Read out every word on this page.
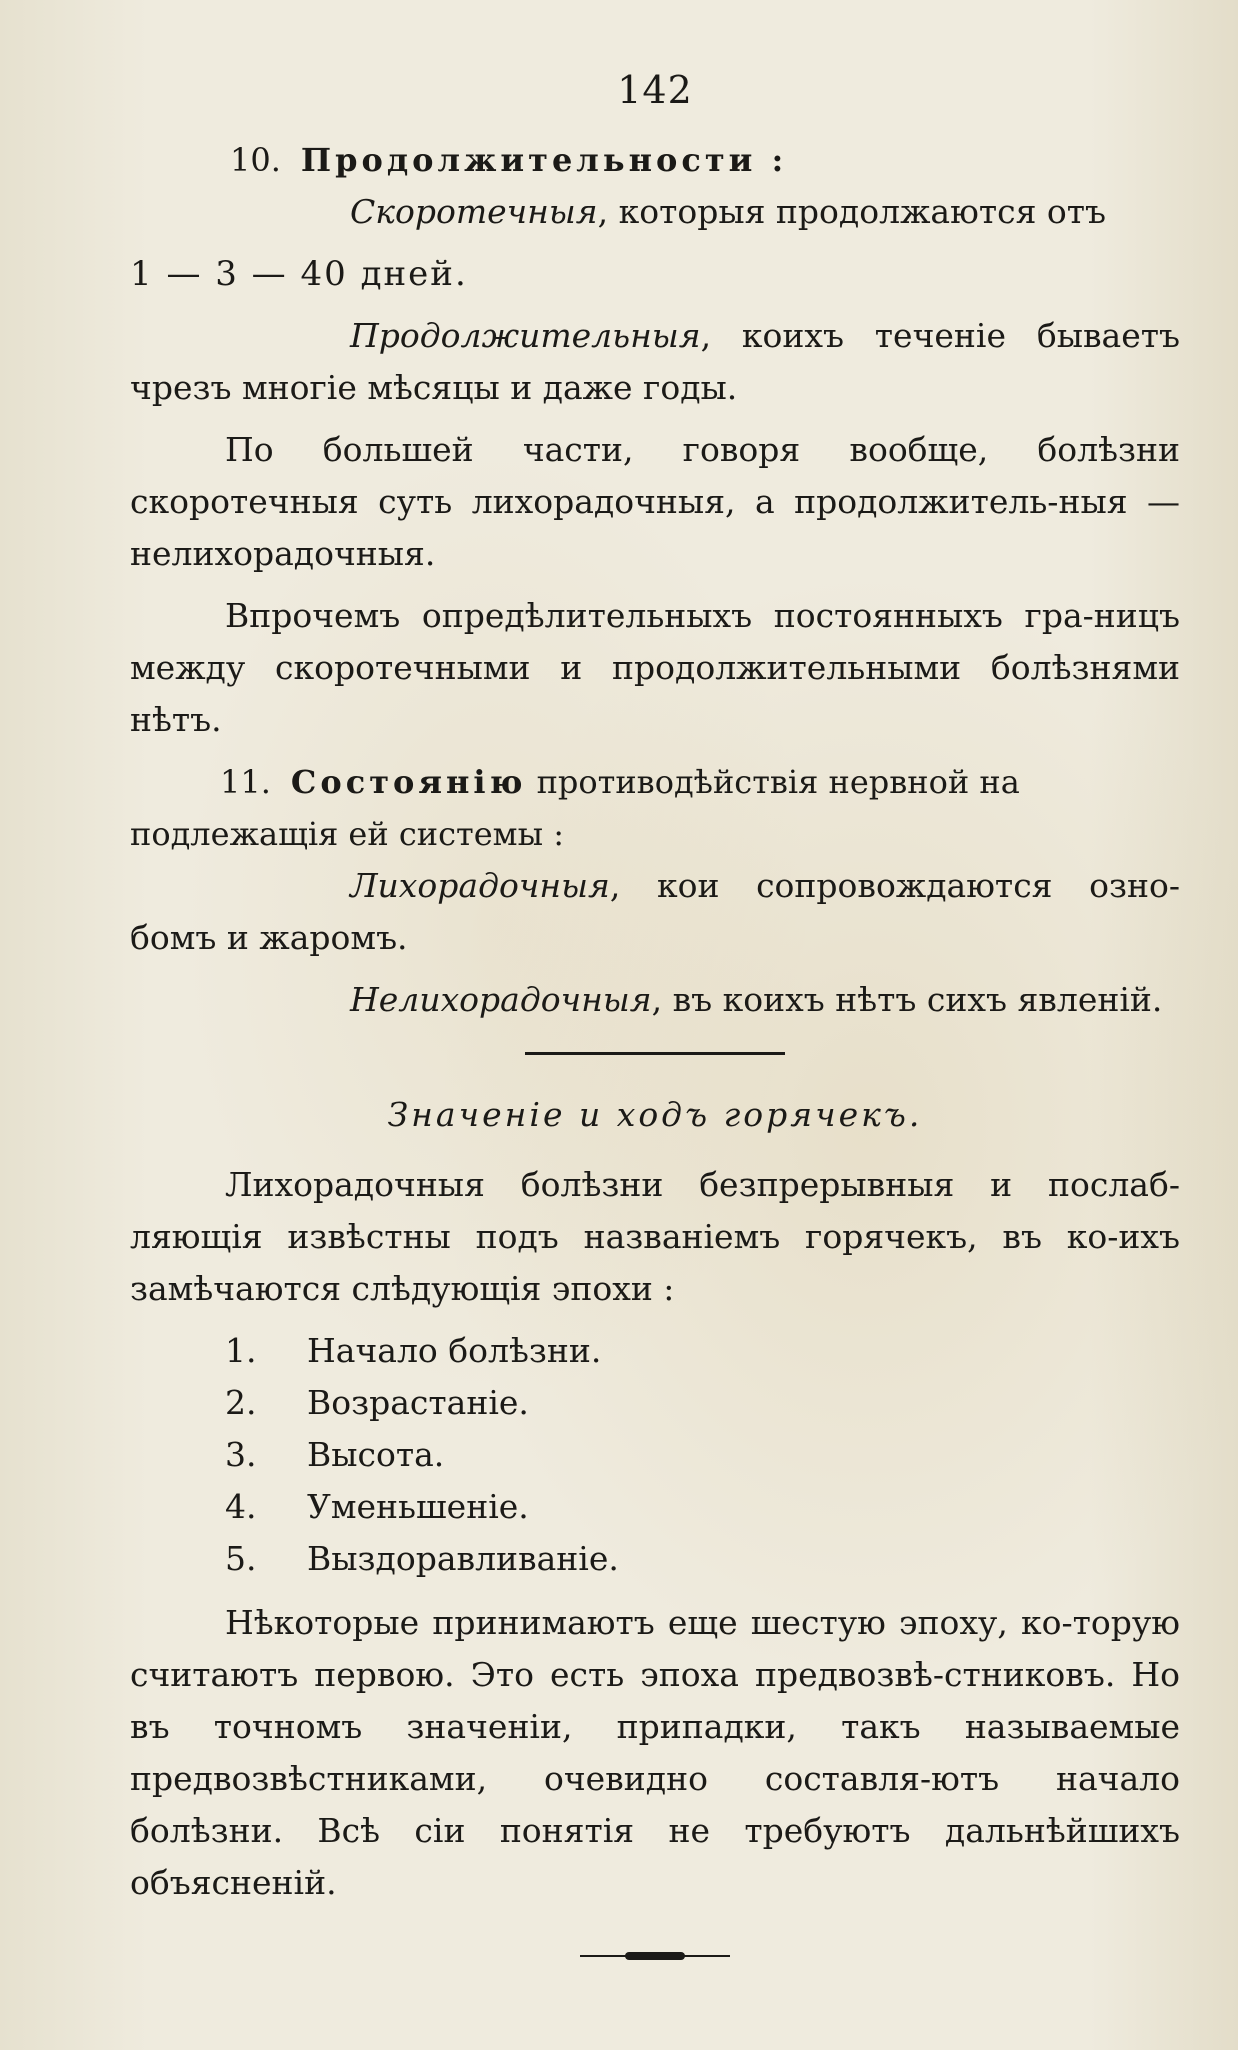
142
10. Продолжительности :

Скоротечныя, которыя продолжаются отъ

1 — 3 — 40 дней.

Продолжительныя, коихъ теченіе бываетъ чрезъ многіе мѣсяцы и даже годы.

По большей части, говоря вообще, болѣзни скоротечныя суть лихорадочныя, а продолжитель-ныя — нелихорадочныя.

Впрочемъ опредѣлительныхъ постоянныхъ гра-ницъ между скоротечными и продолжительными болѣзнями нѣтъ.

11. Состоянію противодѣйствія нервной на подлежащія ей системы :

Лихорадочныя, кои сопровождаются озно-бомъ и жаромъ.

Нелихорадочныя, въ коихъ нѣтъ сихъ явленій.

Значеніе и ходъ горячекъ.

Лихорадочныя болѣзни безпрерывныя и послаб-ляющія извѣстны подъ названіемъ горячекъ, въ ко-ихъ замѣчаются слѣдующія эпохи :

1. Начало болѣзни.
2. Возрастаніе.
3. Высота.
4. Уменьшеніе.
5. Выздоравливаніе.

Нѣкоторые принимаютъ еще шестую эпоху, ко-торую считаютъ первою. Это есть эпоха предвозвѣ-стниковъ. Но въ точномъ значеніи, припадки, такъ называемые предвозвѣстниками, очевидно составля-ютъ начало болѣзни. Всѣ сіи понятія не требуютъ дальнѣйшихъ объясненій.
